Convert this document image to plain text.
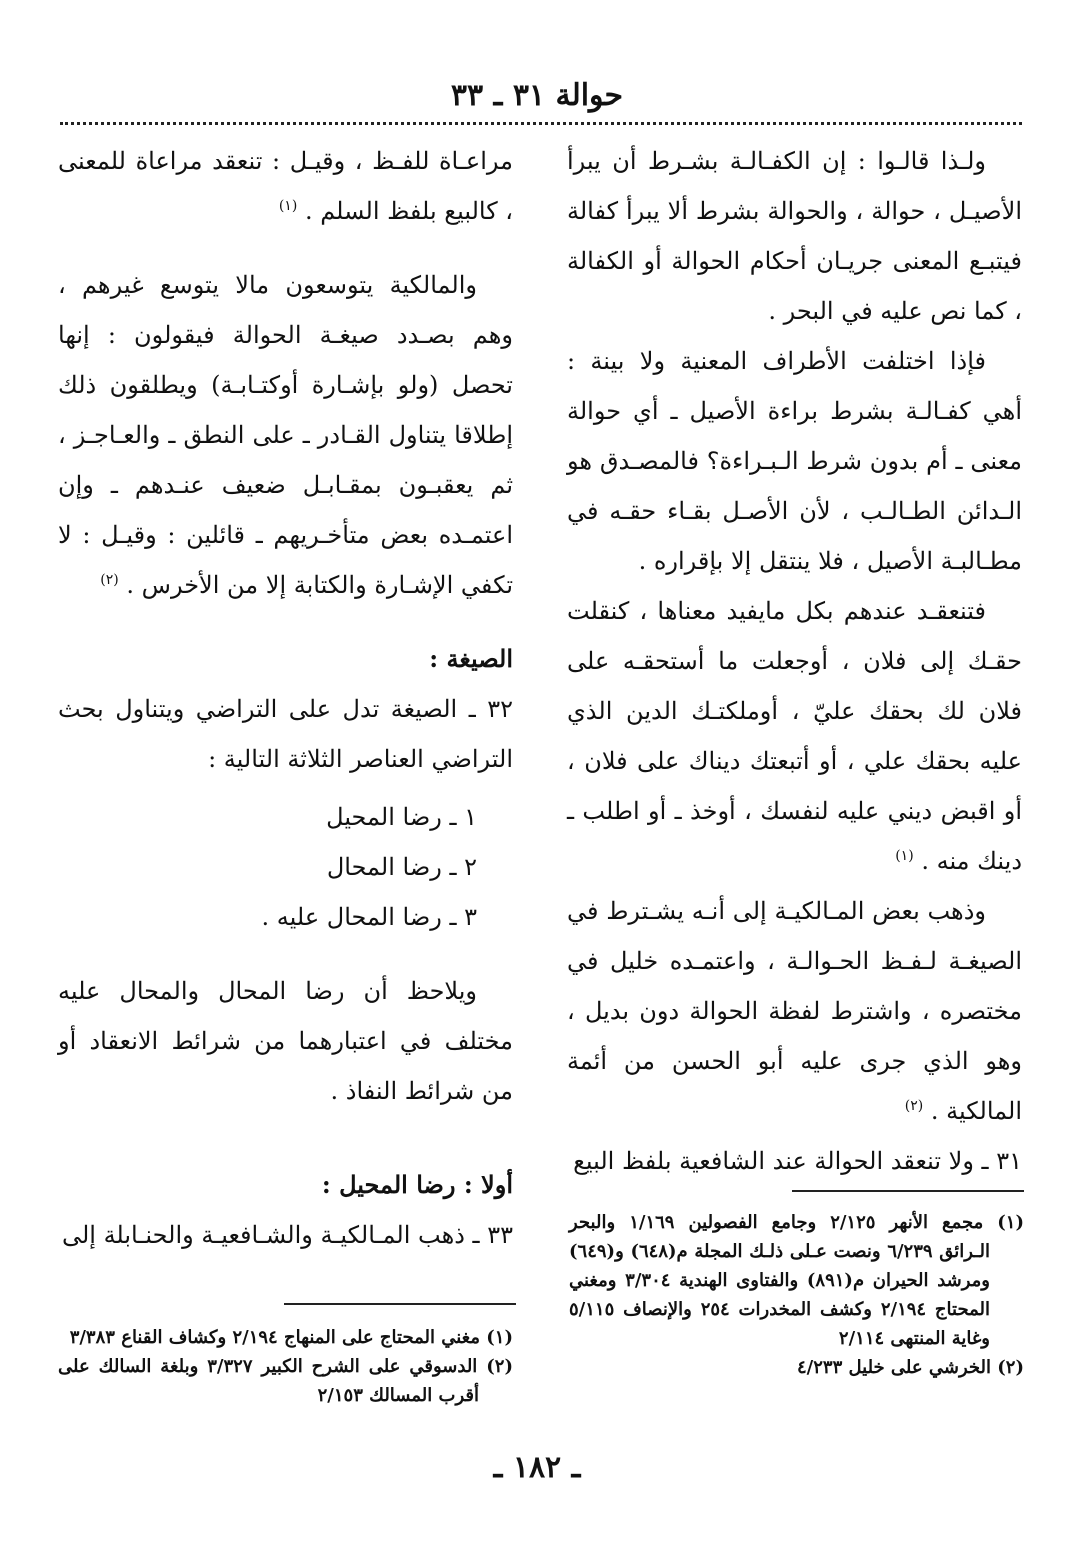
حوالة ٣١ ـ ٣٣

ولـذا قالـوا : إن الكفـالـة بشـرط أن يبرأ الأصيـل ، حوالة ، والحوالة بشرط ألا يبرأ كفالة فيتبـع المعنى جريـان أحكام الحوالة أو الكفالة ، كما نص عليه في البحر .

فإذا اختلفت الأطراف المعنية ولا بينة : أهي كفـالـة بشرط براءة الأصيل ـ أي حوالة معنى ـ أم بدون شرط الـبـراءة؟ فالمصـدق هو الـدائن الطـالـب ، لأن الأصـل بقـاء حقـه في مطـالبـة الأصيل ، فلا ينتقل إلا بإقراره .

فتنعقـد عندهم بكل مايفيد معناها ، كنقلت حقـك إلى فلان ، أوجعلت ما أستحقـه على فلان لك بحقك عليّ ، أوملكتـك الدين الذي عليه بحقك علي ، أو أتبعتك ديناك على فلان ، أو اقبض ديني عليه لنفسك ، أوخذ ـ أو اطلب ـ دينك منه . $^{(١)}$

وذهب بعض المـالكيـة إلى أنـه يشـترط في الصيغـة لـفـظ الحـوالـة ، واعتمـده خليل في مختصره ، واشترط لفظة الحوالة دون بديل ، وهو الذي جرى عليه أبو الحسن من أئمة المالكية . $^{(٢)}$

٣١ ـ ولا تنعقد الحوالة عند الشافعية بلفظ البيع

مراعـاة للفـظ ، وقيـل : تنعقد مراعاة للمعنى ، كالبيع بلفظ السلم . $^{(١)}$

والمالكية يتوسعون مالا يتوسع غيرهم ، وهم بصـدد صيغـة الحوالة فيقولون : إنها تحصل (ولو بإشـارة أوكتـابـة) ويطلقون ذلك إطلاقا يتناول القـادر ـ على النطق ـ والعـاجـز ، ثم يعقبـون بمقـابـل ضعيف عنـدهم ـ وإن اعتمـده بعض متأخـريهم ـ قائلين : وقيـل : لا تكفي الإشـارة والكتابة إلا من الأخرس . $^{(٢)}$

الصيغة :

٣٢ ـ الصيغة تدل على التراضي ويتناول بحث التراضي العناصر الثلاثة التالية :

١ ـ رضا المحيل

٢ ـ رضا المحال

٣ ـ رضا المحال عليه .

ويلاحظ أن رضا المحال والمحال عليه مختلف في اعتبارهما من شرائط الانعقاد أو من شرائط النفاذ .

أولا : رضا المحيل :

٣٣ ـ ذهب المـالكيـة والشـافعيـة والحنـابلة إلى	(١) مجمع الأنهر ٢/١٢٥ وجامع الفصولين ١/١٦٩ والبحر الـرائق ٦/٢٣٩ ونصت عـلى ذلـك المجلة م(٦٤٨) و(٦٤٩) ومرشد الحيران م(٨٩١) والفتاوى الهندية ٣/٣٠٤ ومغني المحتاج ٢/١٩٤ وكشف المخدرات ٢٥٤ والإنصاف ٥/١١٥ وغاية المنتهى ٢/١١٤

(٢) الخرشي على خليل ٤/٢٣٣

(١) مغني المحتاج على المنهاج ٢/١٩٤ وكشاف القناع ٣/٣٨٣

(٢) الدسوقي على الشرح الكبير ٣/٣٢٧ وبلغة السالك على أقرب المسالك ٢/١٥٣

ـ ١٨٢ ـ
